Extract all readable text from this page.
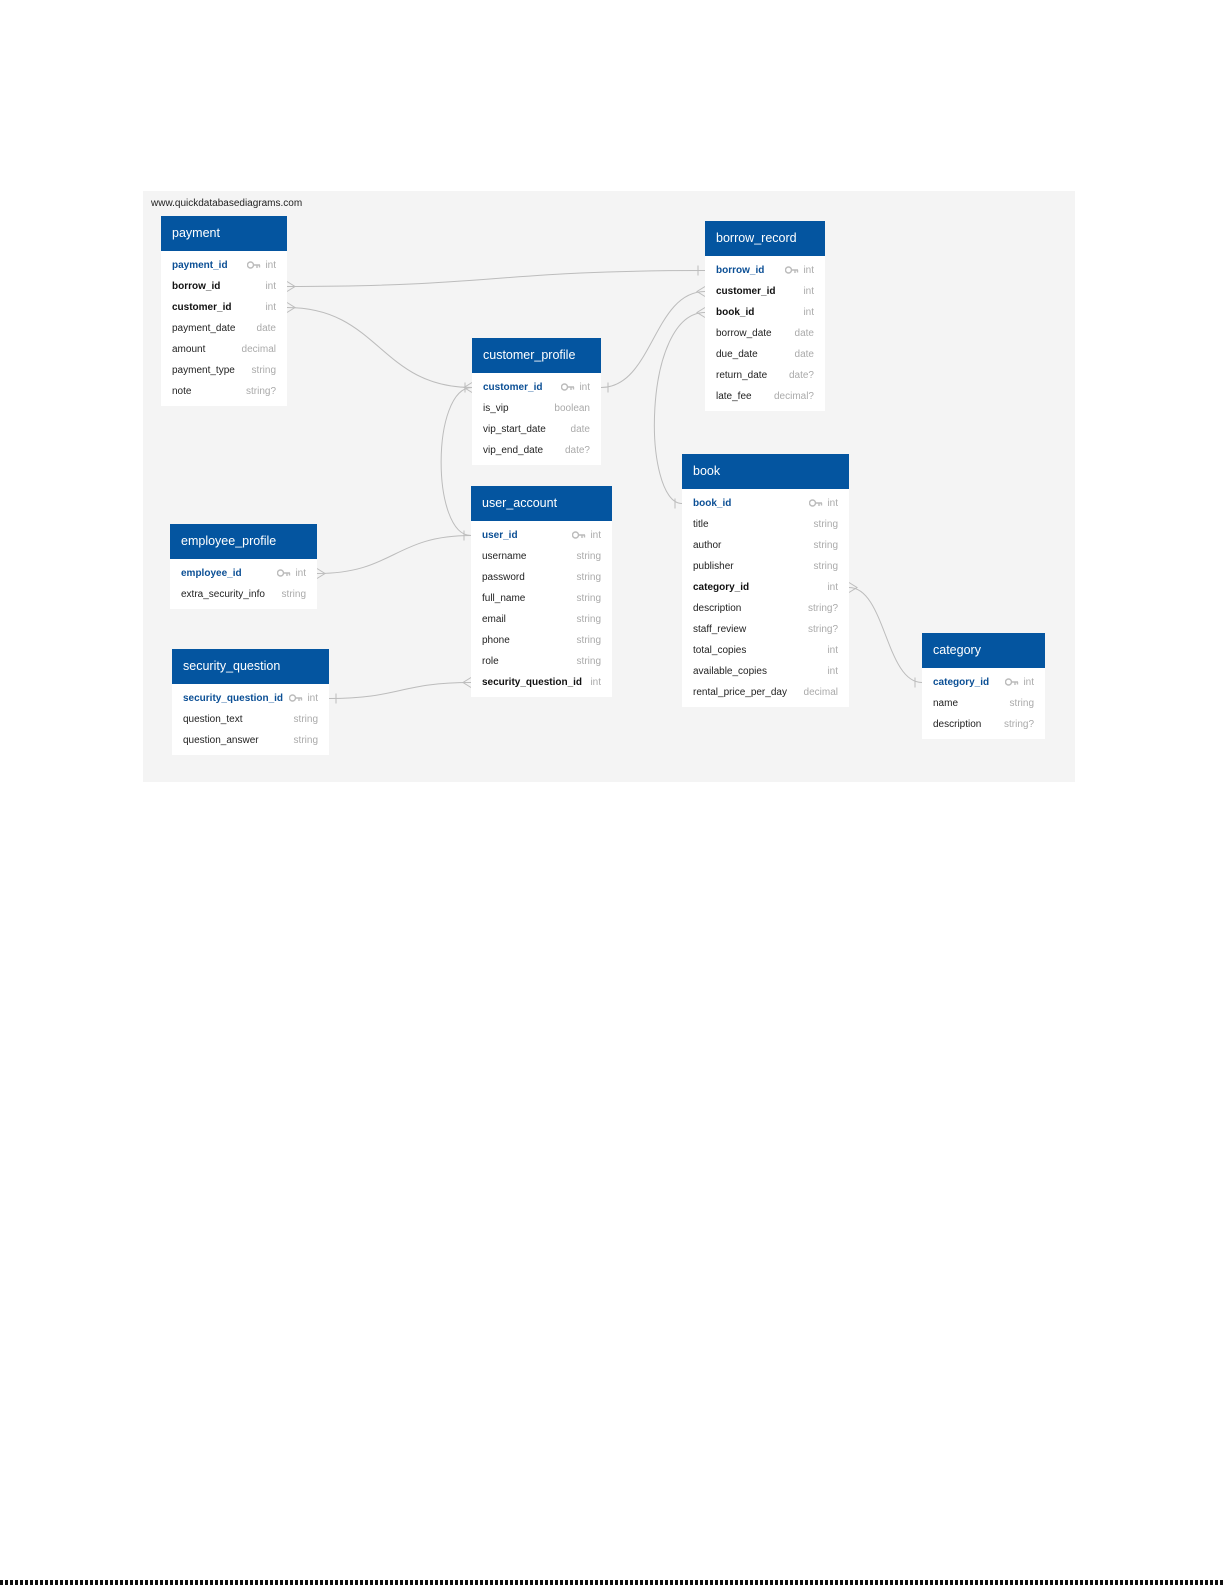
www.quickdatabasediagrams.com
payment
payment_id	int
borrow_id	int
customer_id	int
payment_date date
amount	decimal
payment_type string
note	string?
borrow_record
borrow_id	int
customer_id	int
book_id	int
borrow_date date
due_date	date
return_date date?
late_fee decimal?
customer_profile
customer_id	int
is_vip	boolean
vip_start_date date
vip_end_date date?
user_account
user_id	int
username	string
password	string
full_name	string
email	string
phone	string
role	string
security_question_id int
book
book_id	int
title	string
author	string
publisher	string
category_id	int
description	string?
staff_review	string?
total_copies	int
available_copies	int
rental_price_per_day decimal
employee_profile
employee_id	int
extra_security_info string
security_question
security_question_id	int
question_text	string
question_answer	string
category
category_id	int
name	string
description string?
